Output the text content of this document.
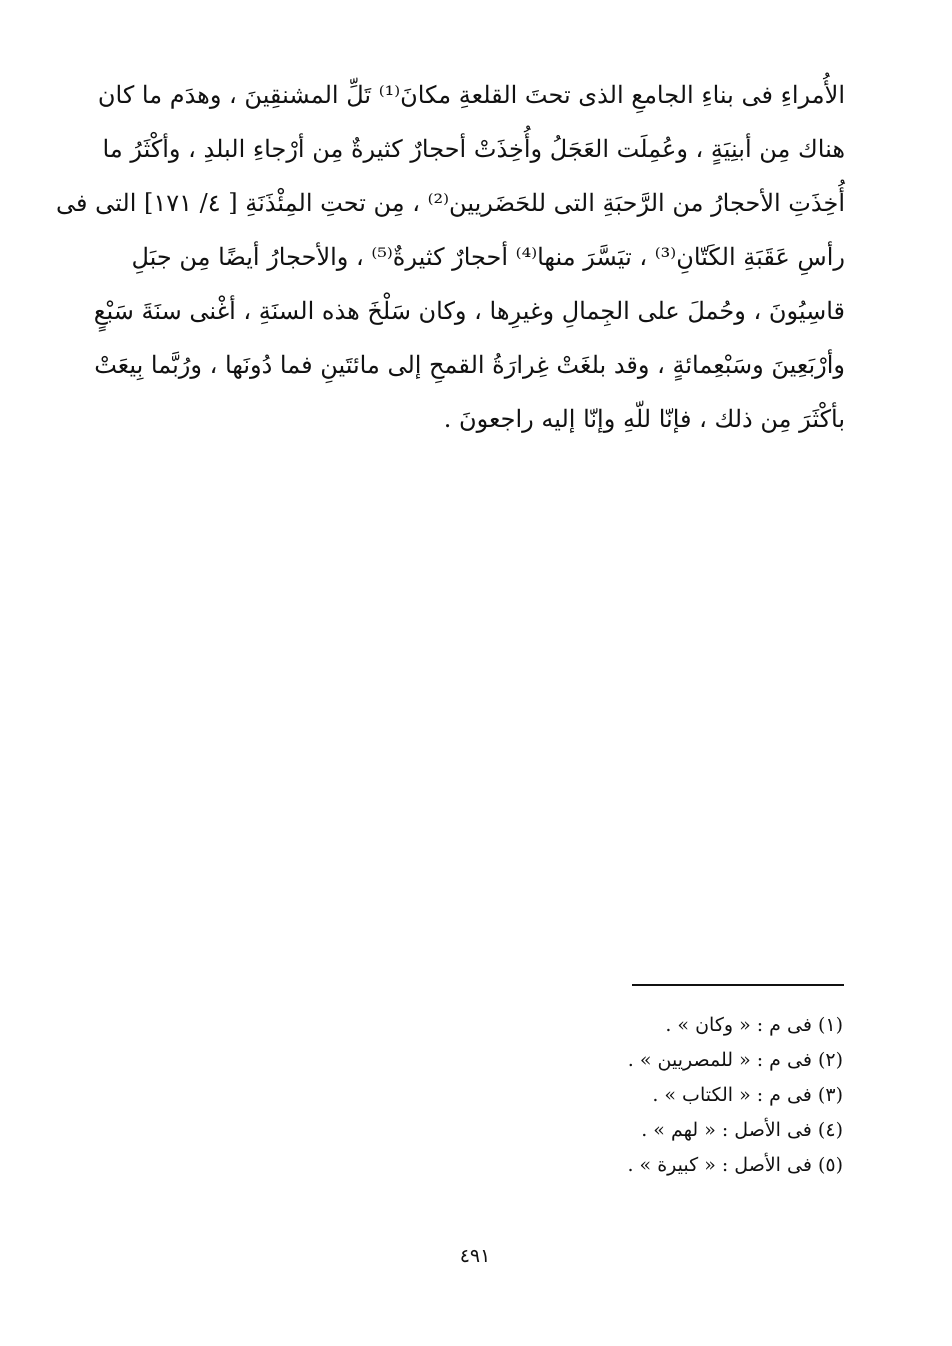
الأُمراءِ فى بناءِ الجامعِ الذى تحتَ القلعةِ مكانَ⁽¹⁾ تَلِّ المشنقِينَ ، وهدَم ما كان
هناك مِن أبنِيَةٍ ، وعُمِلَت العَجَلُ وأُخِذَتْ أحجارٌ كثيرةٌ مِن أرْجاءِ البلدِ ، وأكْثَرُ ما
أُخِذَتِ الأحجارُ من الرَّحبَةِ التى للحَضَريين⁽²⁾ ، مِن تحتِ المِئْذَنَةِ [ ٤/ ١٧١] التى فى
رأسِ عَقَبَةِ الكَتّانِ⁽³⁾ ، تيَسَّرَ منها⁽⁴⁾ أحجارٌ كثيرةٌ⁽⁵⁾ ، والأحجارُ أيضًا مِن جبَلِ
قاسِيُونَ ، وحُملَ على الجِمالِ وغيرِها ، وكان سَلْخَ هذه السنَةِ ، أغْنى سنَةَ سَبْعٍ
وأرْبَعِينَ وسَبْعِمائةٍ ، وقد بلغَتْ غِرارَةُ القمحِ إلى مائتَينِ فما دُونَها ، ورُبَّما بِيعَتْ
بأكْثَرَ مِن ذلك ، فإنّا للّهِ وإنّا إليه راجعونَ .
(١) فى م : « وكان » .
(٢) فى م : « للمصريين » .
(٣) فى م : « الكتاب » .
(٤) فى الأصل : « لهم » .
(٥) فى الأصل : « كبيرة » .
٤٩١
